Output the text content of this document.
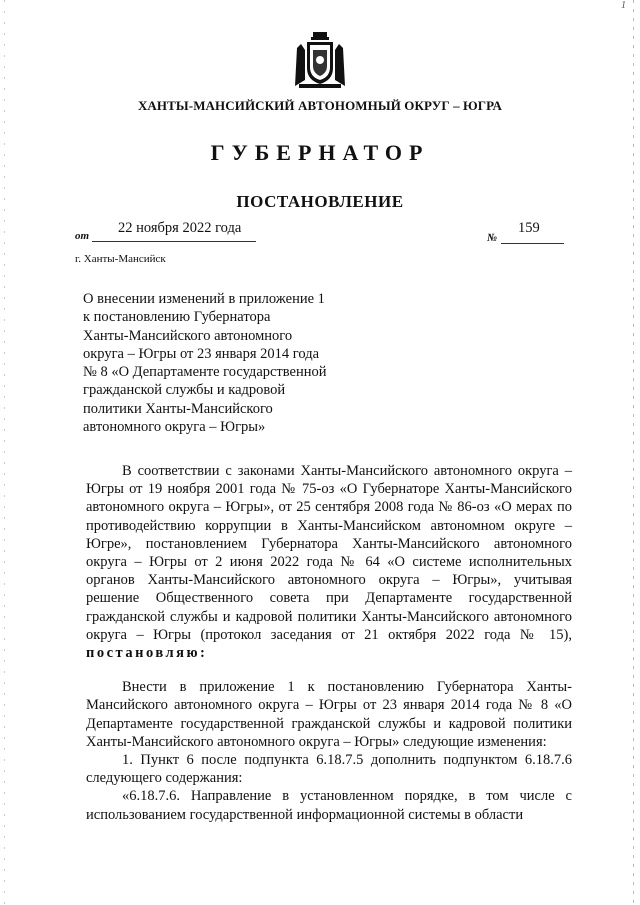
1
ХАНТЫ-МАНСИЙСКИЙ АВТОНОМНЫЙ ОКРУГ – ЮГРА
ГУБЕРНАТОР
ПОСТАНОВЛЕНИЕ
от	22 ноября 2022 года
№
159
г. Ханты-Мансийск
О внесении изменений в приложение 1
к постановлению Губернатора
Ханты-Мансийского автономного
округа – Югры от 23 января 2014 года
№ 8 «О Департаменте государственной
гражданской службы и кадровой
политики Ханты-Мансийского
автономного округа – Югры»

В соответствии с законами Ханты-Мансийского автономного округа – Югры от 19 ноября 2001 года № 75-оз «О Губернаторе Ханты-Мансийского автономного округа – Югры», от 25 сентября 2008 года № 86-оз «О мерах по противодействию коррупции в Ханты-Мансийском автономном округе – Югре», постановлением Губернатора Ханты-Мансийского автономного округа – Югры от 2 июня 2022 года № 64 «О системе исполнительных органов Ханты-Мансийского автономного округа – Югры», учитывая решение Общественного совета при Департаменте государственной гражданской службы и кадровой политики Ханты-Мансийского автономного округа – Югры (протокол заседания от 21 октября 2022 года № 15), постановляю:

Внести в приложение 1 к постановлению Губернатора Ханты-Мансийского автономного округа – Югры от 23 января 2014 года № 8 «О Департаменте государственной гражданской службы и кадровой политики Ханты-Мансийского автономного округа – Югры» следующие изменения:

1. Пункт 6 после подпункта 6.18.7.5 дополнить подпунктом 6.18.7.6 следующего содержания:

«6.18.7.6. Направление в установленном порядке, в том числе с использованием государственной информационной системы в области
